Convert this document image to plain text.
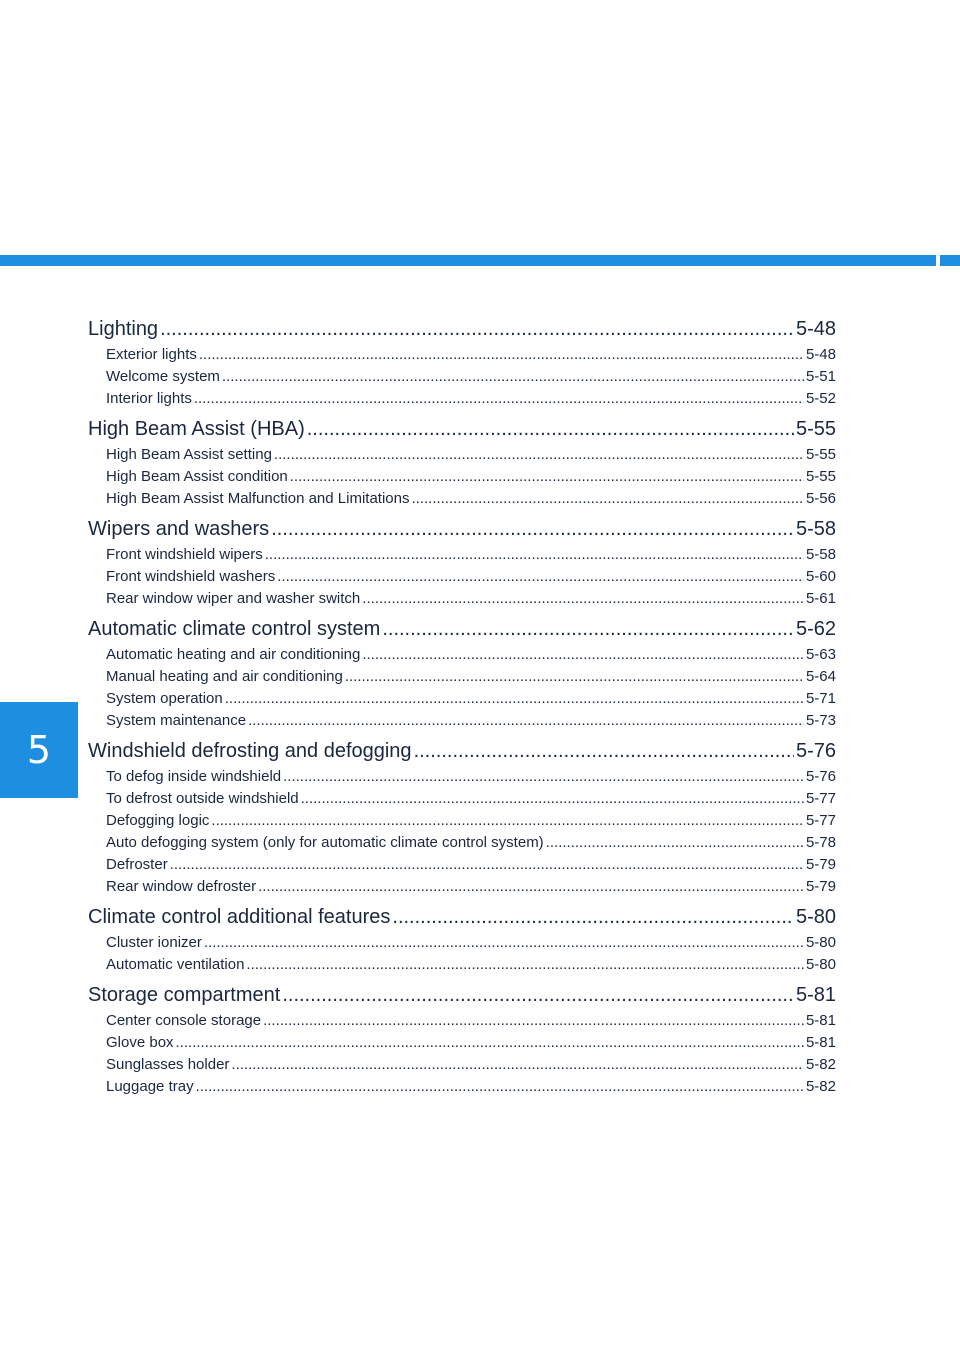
5
Lighting .....	5-48
Exterior lights .....	5-48
Welcome system .....	5-51
Interior lights .....	5-52
High Beam Assist (HBA) .....	5-55
High Beam Assist setting .....	5-55
High Beam Assist condition .....	5-55
High Beam Assist Malfunction and Limitations .....	5-56
Wipers and washers .....	5-58
Front windshield wipers .....	5-58
Front windshield washers .....	5-60
Rear window wiper and washer switch .....	5-61
Automatic climate control system .....	5-62
Automatic heating and air conditioning .....	5-63
Manual heating and air conditioning .....	5-64
System operation .....	5-71
System maintenance .....	5-73
Windshield defrosting and defogging .....	5-76
To defog inside windshield .....	5-76
To defrost outside windshield .....	5-77
Defogging logic .....	5-77
Auto defogging system (only for automatic climate control system) .....	5-78
Defroster .....	5-79
Rear window defroster .....	5-79
Climate control additional features .....	5-80
Cluster ionizer .....	5-80
Automatic ventilation .....	5-80
Storage compartment .....	5-81
Center console storage .....	5-81
Glove box .....	5-81
Sunglasses holder .....	5-82
Luggage tray .....	5-82
